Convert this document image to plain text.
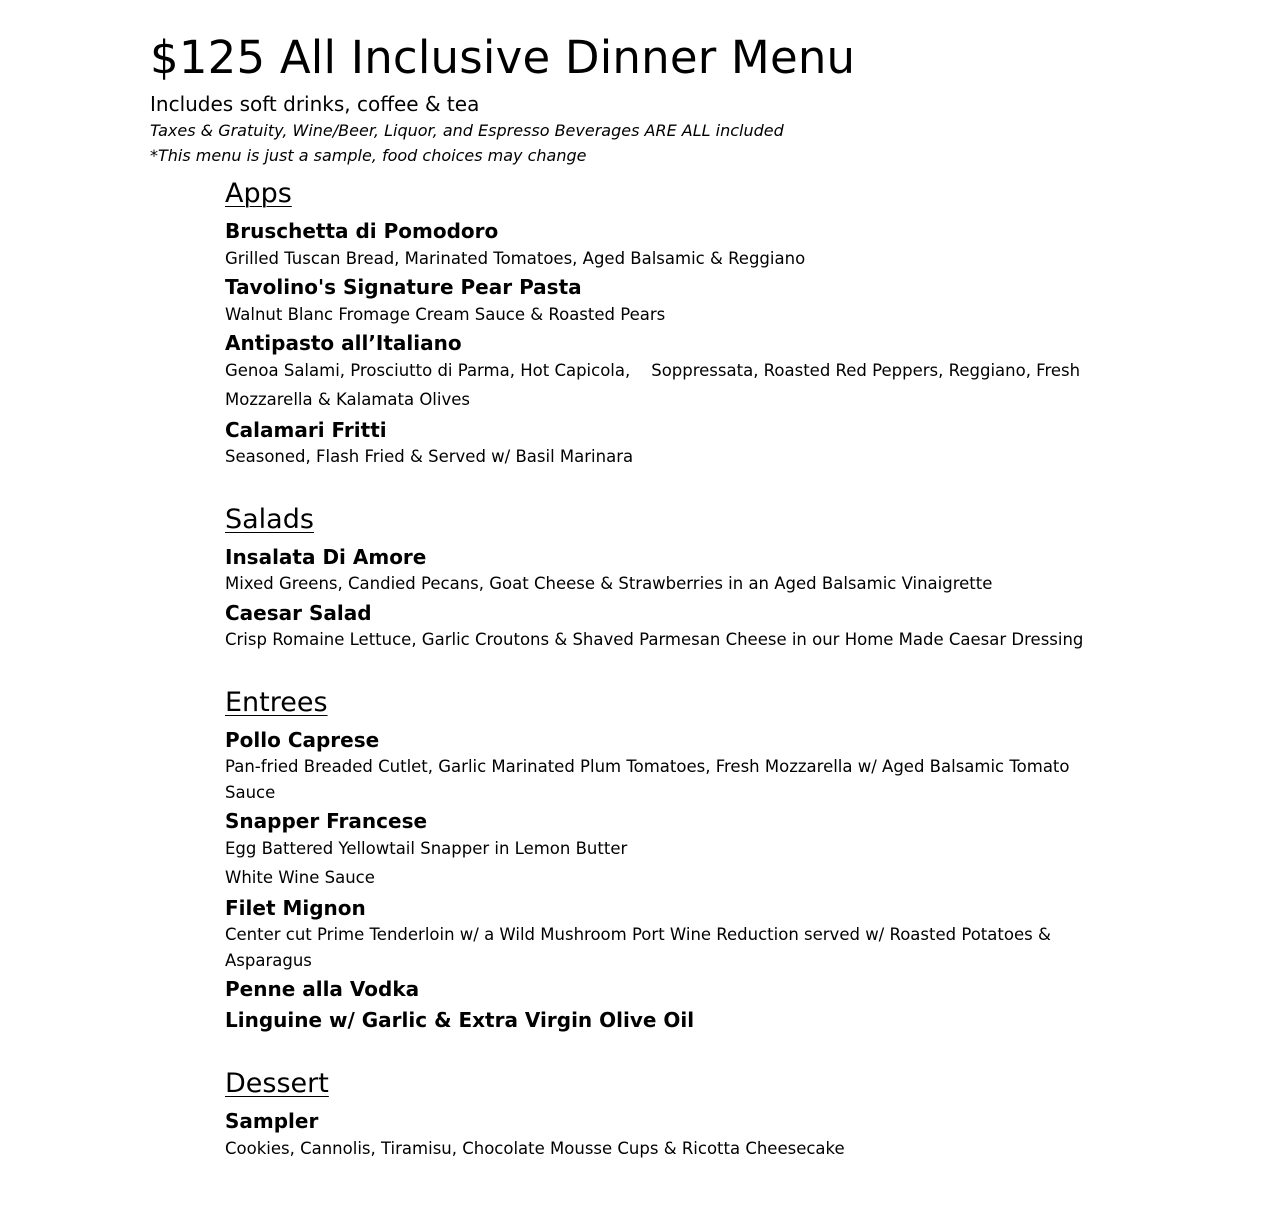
$125 All Inclusive Dinner Menu
Includes soft drinks, coffee & tea
Taxes & Gratuity, Wine/Beer, Liquor, and Espresso Beverages ARE ALL included
*This menu is just a sample, food choices may change
Apps
Bruschetta di Pomodoro
Grilled Tuscan Bread, Marinated Tomatoes, Aged Balsamic & Reggiano
Tavolino's Signature Pear Pasta
Walnut Blanc Fromage Cream Sauce & Roasted Pears
Antipasto all’Italiano
Genoa Salami, Prosciutto di Parma, Hot Capicola,    Soppressata, Roasted Red Peppers, Reggiano, Fresh
Mozzarella & Kalamata Olives
Calamari Fritti
Seasoned, Flash Fried & Served w/ Basil Marinara
Salads
Insalata Di Amore
Mixed Greens, Candied Pecans, Goat Cheese & Strawberries in an Aged Balsamic Vinaigrette
Caesar Salad
Crisp Romaine Lettuce, Garlic Croutons & Shaved Parmesan Cheese in our Home Made Caesar Dressing
Entrees
Pollo Caprese
Pan-fried Breaded Cutlet, Garlic Marinated Plum Tomatoes, Fresh Mozzarella w/ Aged Balsamic Tomato
Sauce
Snapper Francese
Egg Battered Yellowtail Snapper in Lemon Butter
White Wine Sauce
Filet Mignon
Center cut Prime Tenderloin w/ a Wild Mushroom Port Wine Reduction served w/ Roasted Potatoes &
Asparagus
Penne alla Vodka
Linguine w/ Garlic & Extra Virgin Olive Oil
Dessert
Sampler
Cookies, Cannolis, Tiramisu, Chocolate Mousse Cups & Ricotta Cheesecake
